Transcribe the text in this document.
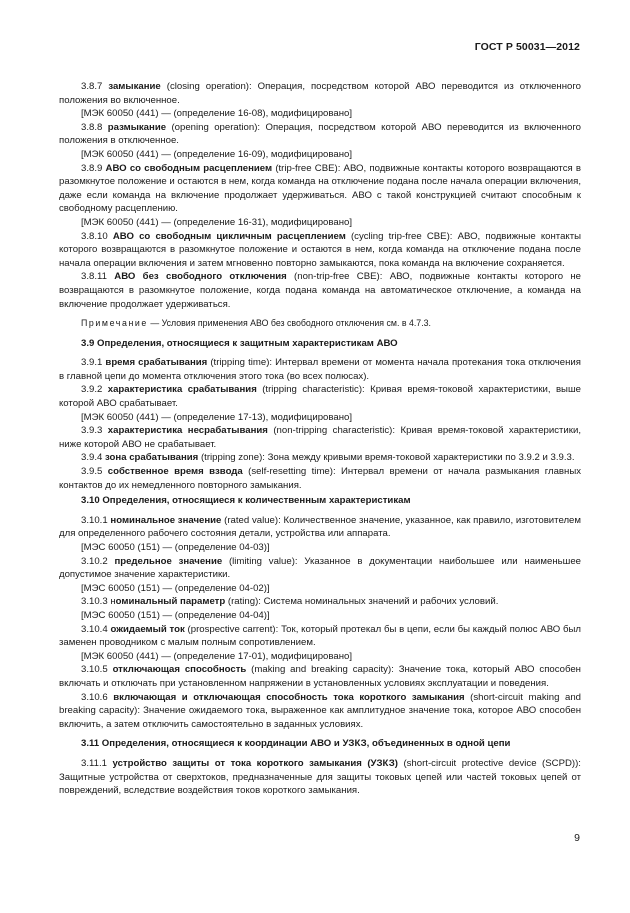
ГОСТ Р 50031—2012

3.8.7 замыкание (closing operation): Операция, посредством которой АВО переводится из отключенного положения во включенное.

[МЭК 60050 (441) — (определение 16-08), модифицировано]

3.8.8 размыкание (opening operation): Операция, посредством которой АВО переводится из включенного положения в отключенное.

[МЭК 60050 (441) — (определение 16-09), модифицировано]

3.8.9 АВО со свободным расцеплением (trip-free CBE): АВО, подвижные контакты которого возвращаются в разомкнутое положение и остаются в нем, когда команда на отключение подана после начала операции включения, даже если команда на включение продолжает удерживаться. АВО с такой конструкцией считают способным к свободному расцеплению.

[МЭК 60050 (441) — (определение 16-31), модифицировано]

3.8.10 АВО со свободным цикличным расцеплением (cycling trip-free CBE): АВО, подвижные контакты которого возвращаются в разомкнутое положение и остаются в нем, когда команда на отключение подана после начала операции включения и затем мгновенно повторно замыкаются, пока команда на включение сохраняется.

3.8.11 АВО без свободного отключения (non-trip-free CBE): АВО, подвижные контакты которого не возвращаются в разомкнутое положение, когда подана команда на автоматическое отключение, а команда на включение продолжает удерживаться.

Примечание — Условия применения АВО без свободного отключения см. в 4.7.3.

3.9 Определения, относящиеся к защитным характеристикам АВО

3.9.1 время срабатывания (tripping time): Интервал времени от момента начала протекания тока отключения в главной цепи до момента отключения этого тока (во всех полюсах).

3.9.2 характеристика срабатывания (tripping characteristic): Кривая время-токовой характеристики, выше которой АВО срабатывает.

[МЭК 60050 (441) — (определение 17-13), модифицировано]

3.9.3 характеристика несрабатывания (non-tripping characteristic): Кривая время-токовой характеристики, ниже которой АВО не срабатывает.

3.9.4 зона срабатывания (tripping zone): Зона между кривыми время-токовой характеристики по 3.9.2 и 3.9.3.

3.9.5 собственное время взвода (self-resetting time): Интервал времени от начала размыкания главных контактов до их немедленного повторного замыкания.

3.10 Определения, относящиеся к количественным характеристикам

3.10.1 номинальное значение (rated value): Количественное значение, указанное, как правило, изготовителем для определенного рабочего состояния детали, устройства или аппарата.

[МЭС 60050 (151) — (определение 04-03)]

3.10.2 предельное значение (limiting value): Указанное в документации наибольшее или наименьшее допустимое значение характеристики.

[МЭС 60050 (151) — (определение 04-02)]

3.10.3 номинальный параметр (rating): Система номинальных значений и рабочих условий.

[МЭС 60050 (151) — (определение 04-04)]

3.10.4 ожидаемый ток (prospective carrent): Ток, который протекал бы в цепи, если бы каждый полюс АВО был заменен проводником с малым полным сопротивлением.

[МЭК 60050 (441) — (определение 17-01), модифицировано]

3.10.5 отключающая способность (making and breaking capacity): Значение тока, который АВО способен включать и отключать при установленном напряжении в установленных условиях эксплуатации и поведения.

3.10.6 включающая и отключающая способность тока короткого замыкания (short-circuit making and breaking capacity): Значение ожидаемого тока, выраженное как амплитудное значение тока, которое АВО способен включить, а затем отключить самостоятельно в заданных условиях.

3.11 Определения, относящиеся к координации АВО и УЗКЗ, объединенных в одной цепи

3.11.1 устройство защиты от тока короткого замыкания (УЗКЗ) (short-circuit protective device (SCPD)): Защитные устройства от сверхтоков, предназначенные для защиты токовых цепей или частей токовых цепей от повреждений, вследствие воздействия токов короткого замыкания.

9
